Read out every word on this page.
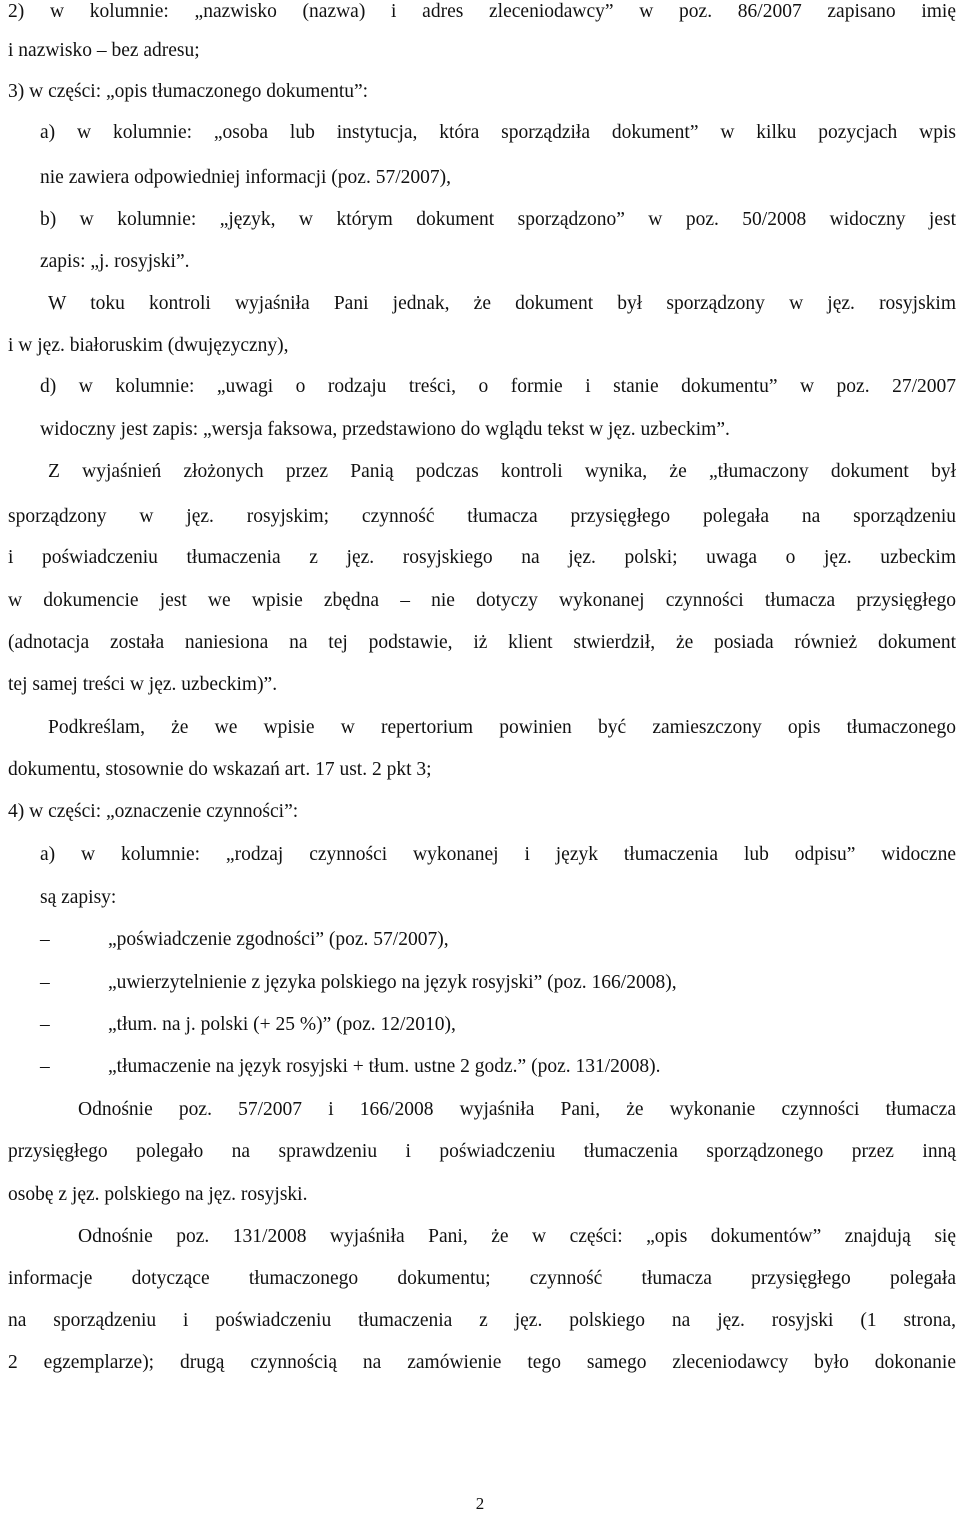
2) w kolumnie: „nazwisko (nazwa) i adres zleceniodawcy” w poz. 86/2007 zapisano imię
i nazwisko – bez adresu;
3) w części: „opis tłumaczonego dokumentu”:
a) w kolumnie: „osoba lub instytucja, która sporządziła dokument” w kilku pozycjach wpis
nie zawiera odpowiedniej informacji (poz. 57/2007),
b) w kolumnie: „język, w którym dokument sporządzono” w poz. 50/2008 widoczny jest
zapis: „j. rosyjski”.
W toku kontroli wyjaśniła Pani jednak, że dokument był sporządzony w jęz. rosyjskim
i w jęz. białoruskim (dwujęzyczny),
d) w kolumnie: „uwagi o rodzaju treści, o formie i stanie dokumentu” w poz. 27/2007
widoczny jest zapis: „wersja faksowa, przedstawiono do wglądu tekst w jęz. uzbeckim”.
Z wyjaśnień złożonych przez Panią podczas kontroli wynika, że „tłumaczony dokument był
sporządzony w jęz. rosyjskim; czynność tłumacza przysięgłego polegała na sporządzeniu
i poświadczeniu tłumaczenia z jęz. rosyjskiego na jęz. polski; uwaga o jęz. uzbeckim
w dokumencie jest we wpisie zbędna – nie dotyczy wykonanej czynności tłumacza przysięgłego
(adnotacja została naniesiona na tej podstawie, iż klient stwierdził, że posiada również dokument
tej samej treści w jęz. uzbeckim)”.
Podkreślam, że we wpisie w repertorium powinien być zamieszczony opis tłumaczonego
dokumentu, stosownie do wskazań art. 17 ust. 2 pkt 3;
4) w części: „oznaczenie czynności”:
a) w kolumnie: „rodzaj czynności wykonanej i język tłumaczenia lub odpisu” widoczne
są zapisy:
–	„poświadczenie zgodności” (poz. 57/2007),
–	„uwierzytelnienie z języka polskiego na język rosyjski” (poz. 166/2008),
–	„tłum. na j. polski (+ 25 %)” (poz. 12/2010),
–	„tłumaczenie na język rosyjski + tłum. ustne 2 godz.” (poz. 131/2008).
Odnośnie poz. 57/2007 i 166/2008 wyjaśniła Pani, że wykonanie czynności tłumacza
przysięgłego polegało na sprawdzeniu i poświadczeniu tłumaczenia sporządzonego przez inną
osobę z jęz. polskiego na jęz. rosyjski.
Odnośnie poz. 131/2008 wyjaśniła Pani, że w części: „opis dokumentów” znajdują się
informacje dotyczące tłumaczonego dokumentu; czynność tłumacza przysięgłego polegała
na sporządzeniu i poświadczeniu tłumaczenia z jęz. polskiego na jęz. rosyjski (1 strona,
2 egzemplarze); drugą czynnością na zamówienie tego samego zleceniodawcy było dokonanie
2
